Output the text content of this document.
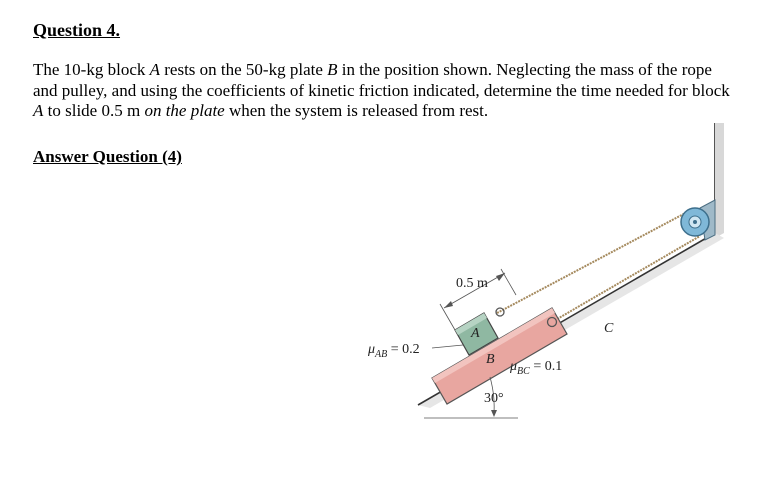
Question 4.
The 10-kg block A rests on the 50-kg plate B in the position shown. Neglecting the mass of the rope and pulley, and using the coefficients of kinetic friction indicated, determine the time needed for block A to slide 0.5 m on the plate when the system is released from rest.
Answer Question (4)
0.5 m
A
B
C
$\mu_{AB} = 0.2$
$\mu_{BC} = 0.1$
30°
